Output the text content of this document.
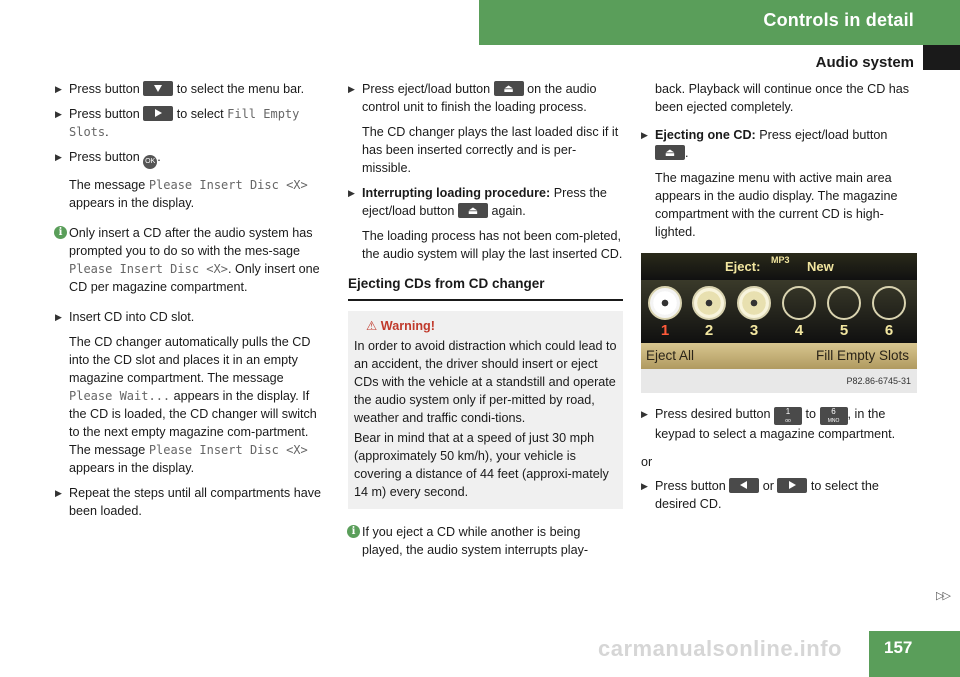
Controls in detail
Audio system
▶ Press button	to select the menu bar.
▶ Press button	to select Fill Empty Slots.
▶ Press button OK .
The message Please Insert Disc <X> appears in the display.
i Only insert a CD after the audio system has prompted you to do so with the mes-sage Please Insert Disc <X>. Only insert one CD per magazine compartment.
▶ Insert CD into CD slot.
The CD changer automatically pulls the CD into the CD slot and places it in an empty magazine compartment. The message Please Wait... appears in the display. If the CD is loaded, the CD changer will switch to the next empty magazine com-partment. The message Please Insert Disc <X> appears in the display.
▶ Repeat the steps until all compartments have been loaded.
▶ Press eject/load button ⏏	on the audio control unit to finish the loading process.
The CD changer plays the last loaded disc if it has been inserted correctly and is per-missible.
▶ Interrupting loading procedure: Press the eject/load button ⏏	again.
The loading process has not been com-pleted, the audio system will play the last inserted CD.
Ejecting CDs from CD changer
⚠ Warning!

In order to avoid distraction which could lead to an accident, the driver should insert or eject CDs with the vehicle at a standstill and operate the audio system only if per-mitted by road, weather and traffic condi-tions.

Bear in mind that at a speed of just 30 mph (approximately 50 km/h), your vehicle is covering a distance of 44 feet (approxi-mately 14 m) every second.

i If you eject a CD while another is being played, the audio system interrupts play-
back. Playback will continue once the CD has been ejected completely.
▶ Ejecting one CD: Press eject/load button ⏏.
The magazine menu with active main area appears in the audio display. The magazine compartment with the current CD is high-lighted.
Eject: MP3 New
1	2	3	4	5	6
Eject All	Fill Empty Slots
P82.86-6745-31
▶ Press desired button 1
oo to 6
MNO , in the keypad to select a magazine compartment.
or
▶ Press button	or	to select the desired CD.
▷▷
carmanualsonline.info	157
